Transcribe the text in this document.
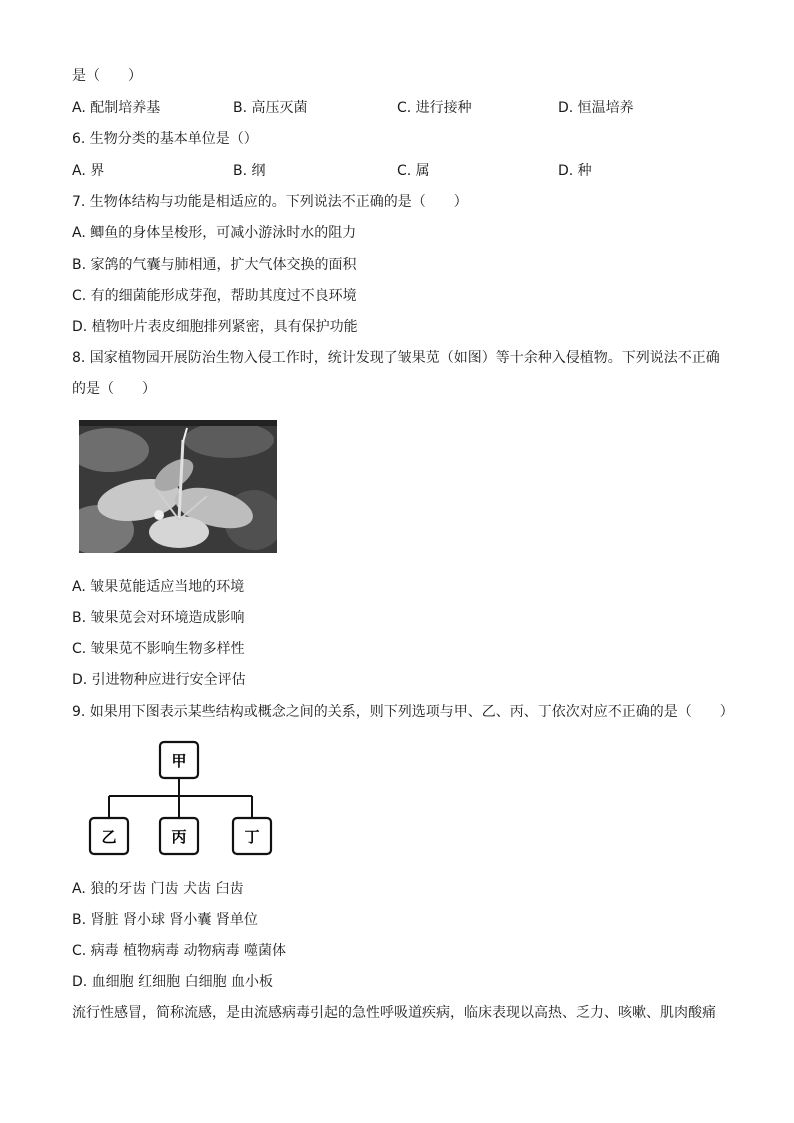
是（　　）
A. 配制培养基	B. 高压灭菌	C. 进行接种	D. 恒温培养
6. 生物分类的基本单位是（）
A. 界	B. 纲	C. 属	D. 种
7. 生物体结构与功能是相适应的。下列说法不正确的是（　　）
A. 鲫鱼的身体呈梭形，可减小游泳时水的阻力
B. 家鸽的气囊与肺相通，扩大气体交换的面积
C. 有的细菌能形成芽孢，帮助其度过不良环境
D. 植物叶片表皮细胞排列紧密，具有保护功能
8. 国家植物园开展防治生物入侵工作时，统计发现了皱果苋（如图）等十余种入侵植物。下列说法不正确
的是（　　）
A. 皱果苋能适应当地的环境
B. 皱果苋会对环境造成影响
C. 皱果苋不影响生物多样性
D. 引进物种应进行安全评估
9. 如果用下图表示某些结构或概念之间的关系，则下列选项与甲、乙、丙、丁依次对应不正确的是（　　）
甲
乙	丙	丁
A. 狼的牙齿 门齿 犬齿 臼齿
B. 肾脏 肾小球 肾小囊 肾单位
C. 病毒 植物病毒 动物病毒 噬菌体
D. 血细胞 红细胞 白细胞 血小板
流行性感冒，简称流感，是由流感病毒引起的急性呼吸道疾病，临床表现以高热、乏力、咳嗽、肌肉酸痛
